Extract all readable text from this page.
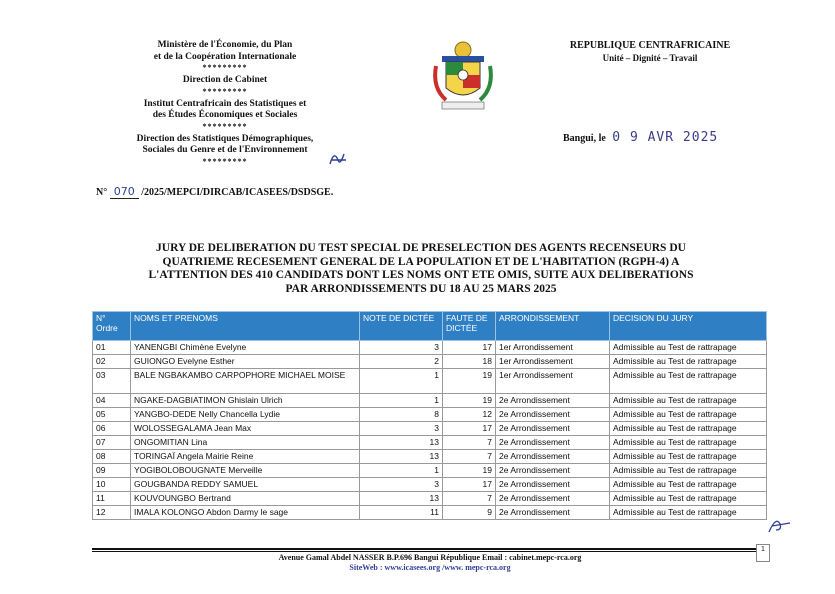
Ministère de l'Économie, du Plan
et de la Coopération Internationale
*********
Direction de Cabinet
*********
Institut Centrafricain des Statistiques et
des Études Économiques et Sociales
*********
Direction des Statistiques Démographiques,
Sociales du Genre et de l'Environnement
*********
REPUBLIQUE CENTRAFRICAINE
Unité – Dignité – Travail
Bangui, le 0 9 AVR 2025
N° 070 /2025/MEPCI/DIRCAB/ICASEES/DSDSGE.
JURY DE DELIBERATION DU TEST SPECIAL DE PRESELECTION DES AGENTS RECENSEURS DU
QUATRIEME RECESEMENT GENERAL DE LA POPULATION ET DE L'HABITATION (RGPH-4) A
L'ATTENTION DES 410 CANDIDATS DONT LES NOMS ONT ETE OMIS, SUITE AUX DELIBERATIONS
PAR ARRONDISSEMENTS DU 18 AU 25 MARS 2025
N° Ordre	NOMS ET PRENOMS	NOTE DE DICTÉE	FAUTE DE DICTÉE	ARRONDISSEMENT	DECISION DU JURY
01	YANENGBI Chimène Evelyne	3	17	1er Arrondissement	Admissible au Test de rattrapage
02	GUIONGO Evelyne Esther	2	18	1er Arrondissement	Admissible au Test de rattrapage
03	BALE NGBAKAMBO CARPOPHORE MICHAEL MOISE	1	19	1er Arrondissement	Admissible au Test de rattrapage
04	NGAKE-DAGBIATIMON Ghislain Ulrich	1	19	2e Arrondissement	Admissible au Test de rattrapage
05	YANGBO-DEDE Nelly Chancella Lydie	8	12	2e Arrondissement	Admissible au Test de rattrapage
06	WOLOSSEGALAMA Jean Max	3	17	2e Arrondissement	Admissible au Test de rattrapage
07	ONGOMITIAN Lina	13	7	2e Arrondissement	Admissible au Test de rattrapage
08	TORINGAÏ Angela Mairie Reine	13	7	2e Arrondissement	Admissible au Test de rattrapage
09	YOGIBOLOBOUGNATE Merveille	1	19	2e Arrondissement	Admissible au Test de rattrapage
10	GOUGBANDA REDDY SAMUEL	3	17	2e Arrondissement	Admissible au Test de rattrapage
11	KOUVOUNGBO Bertrand	13	7	2e Arrondissement	Admissible au Test de rattrapage
12	IMALA KOLONGO Abdon Darmy le sage	11	9	2e Arrondissement	Admissible au Test de rattrapage
Avenue Gamal Abdel NASSER B.P.696 Bangui République Email : cabinet.mepc-rca.org
SiteWeb : www.icasees.org /www. mepc-rca.org
1
